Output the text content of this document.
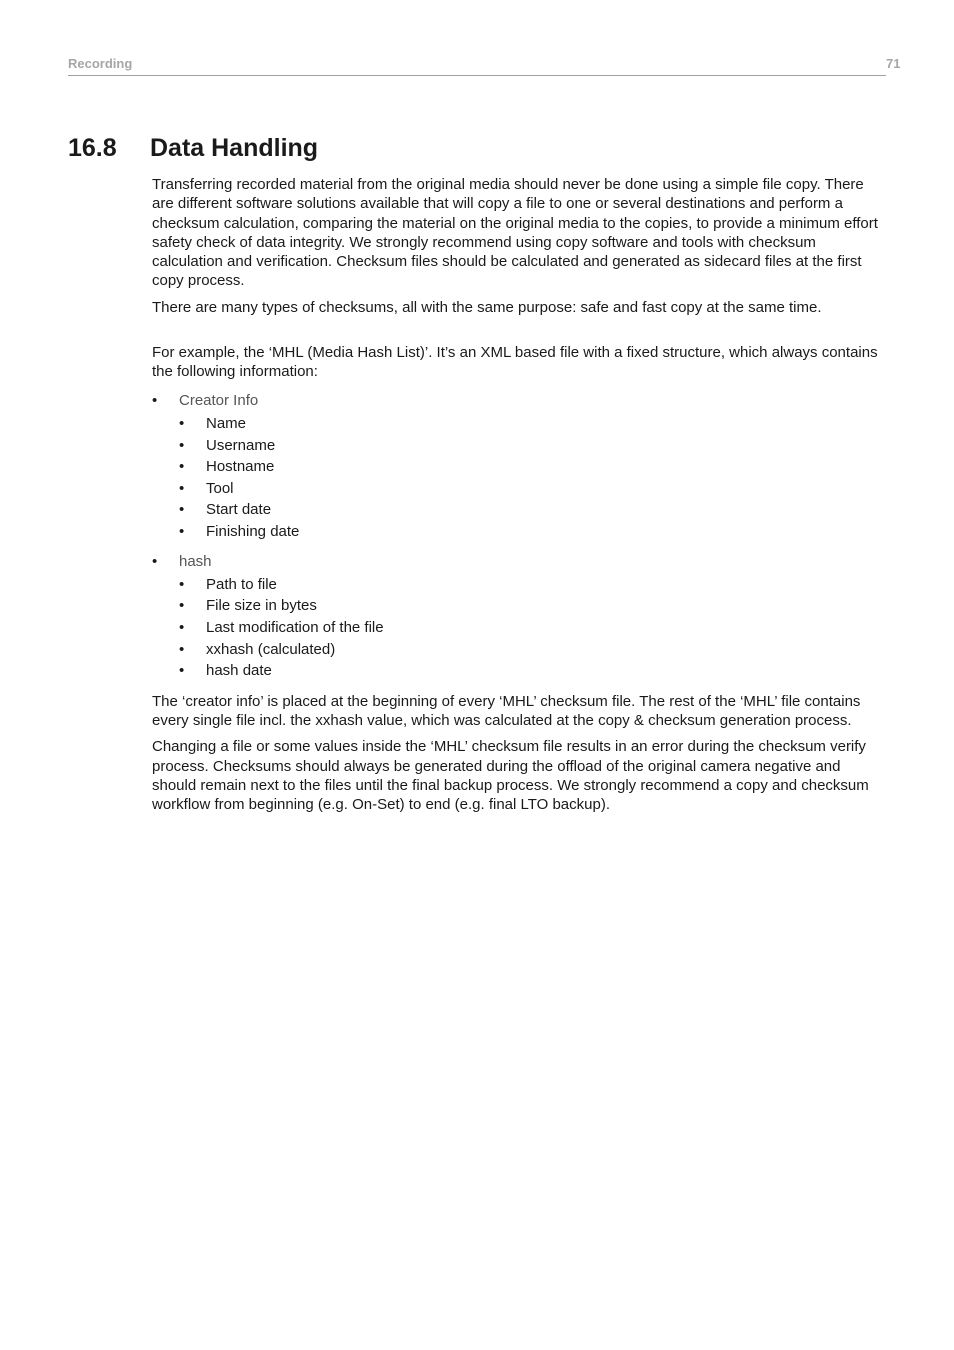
Recording	71
16.8 Data Handling

Transferring recorded material from the original media should never be done using a simple file copy. There are different software solutions available that will copy a file to one or several destinations and perform a checksum calculation, comparing the material on the original media to the copies, to provide a minimum effort safety check of data integrity. We strongly recommend using copy software and tools with checksum calculation and verification. Checksum files should be calculated and generated as sidecard files at the first copy process.

There are many types of checksums, all with the same purpose: safe and fast copy at the same time.

For example, the ‘MHL (Media Hash List)’. It’s an XML based file with a fixed structure, which always contains the following information:

• Creator Info
• Name
• Username
• Hostname
• Tool
• Start date
• Finishing date
• hash
• Path to file
• File size in bytes
• Last modification of the file
• xxhash (calculated)
• hash date

The ‘creator info’ is placed at the beginning of every ‘MHL’ checksum file. The rest of the ‘MHL’ file contains every single file incl. the xxhash value, which was calculated at the copy & checksum generation process.

Changing a file or some values inside the ‘MHL’ checksum file results in an error during the checksum verify process. Checksums should always be generated during the offload of the original camera negative and should remain next to the files until the final backup process. We strongly recommend a copy and checksum workflow from beginning (e.g. On-Set) to end (e.g. final LTO backup).
